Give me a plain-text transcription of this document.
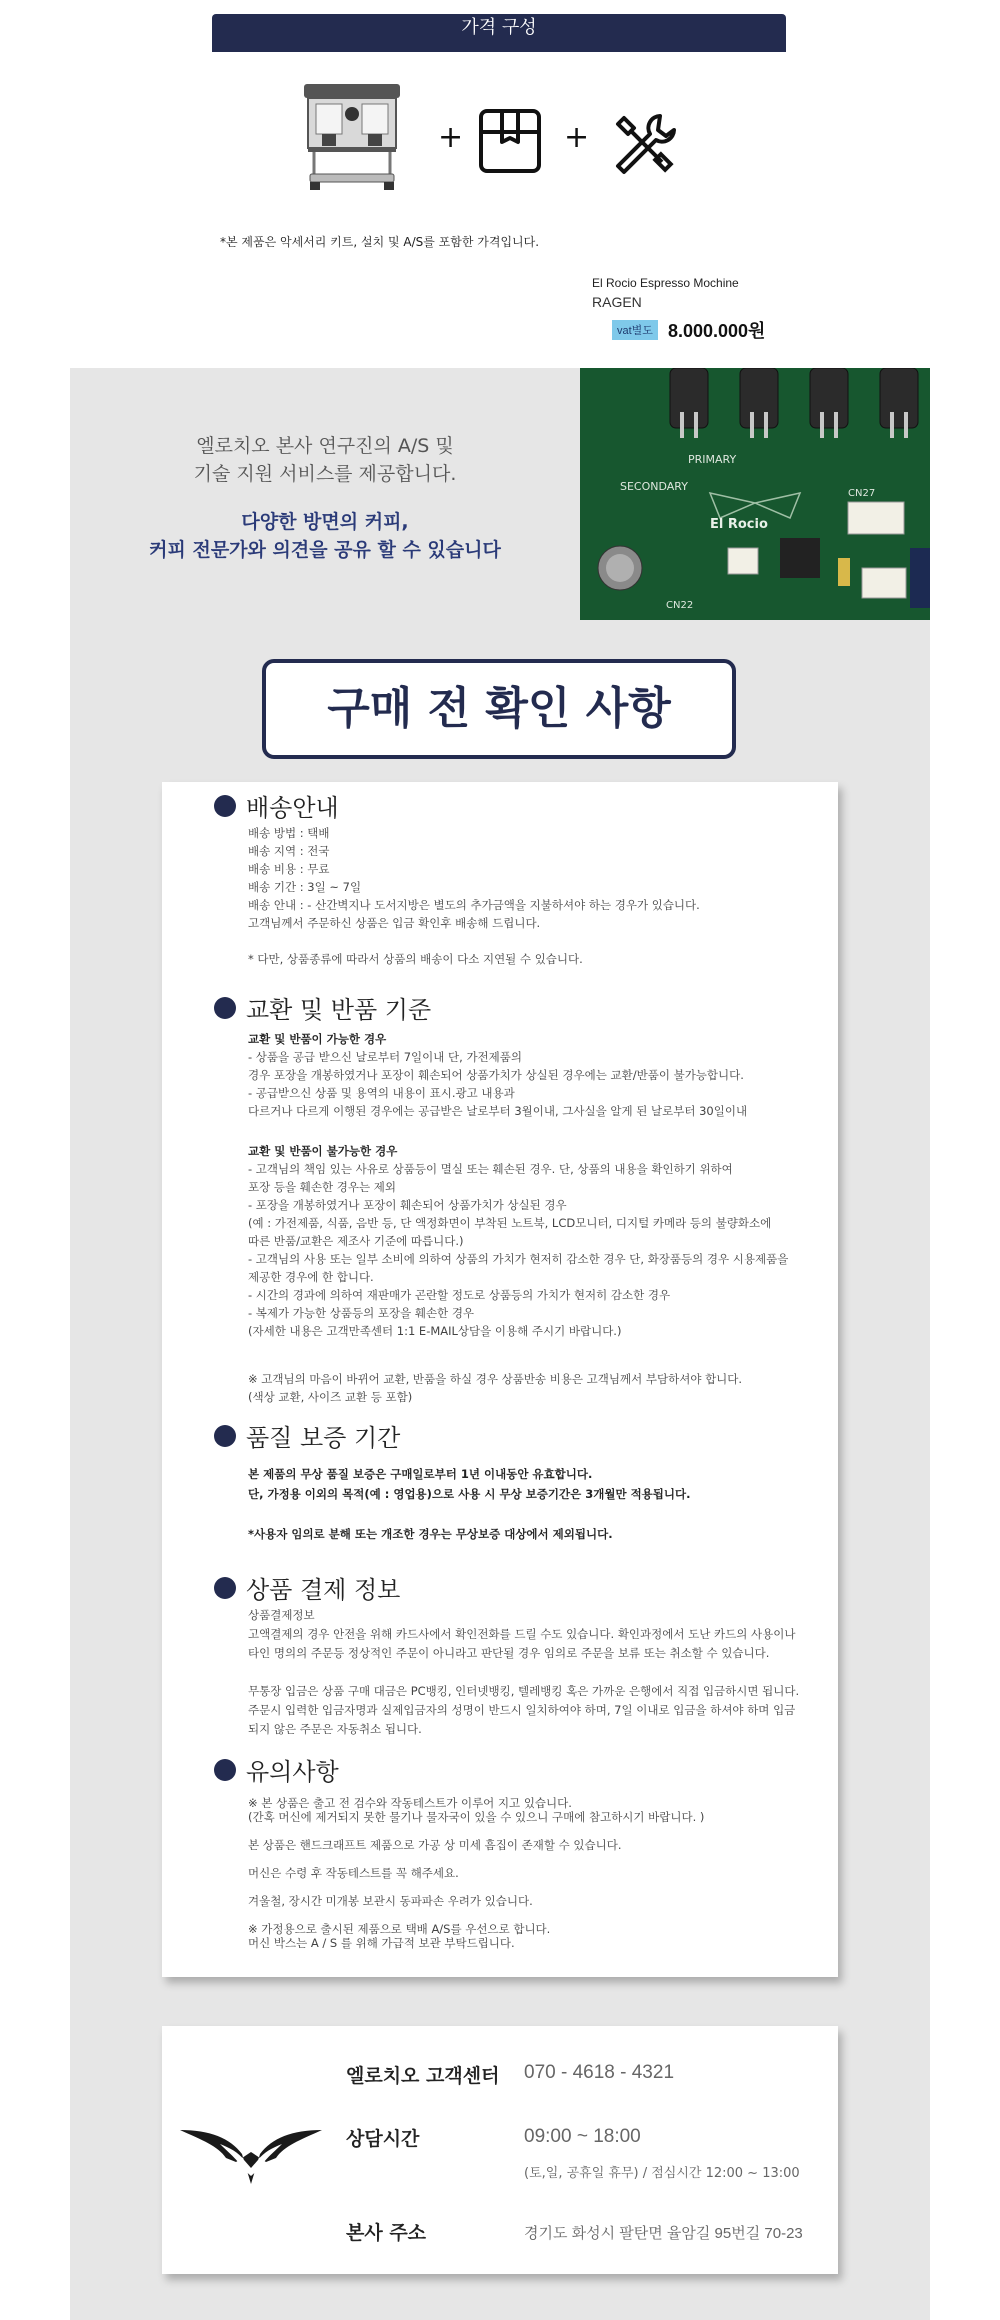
가격 구성
+	+
*본 제품은 악세서리 키트, 설치 및 A/S를 포함한 가격입니다.
El Rocio Espresso Mochine
RAGEN
vat별도 8.000.000원
엘로치오 본사 연구진의 A/S 및
기술 지원 서비스를 제공합니다.
다양한 방면의 커피,
커피 전문가와 의견을 공유 할 수 있습니다
PRIMARY
SECONDARY
El Rocio
CN27
CN22
구매 전 확인 사항
배송안내
배송 방법 : 택배
배송 지역 : 전국
배송 비용 : 무료
배송 기간 : 3일 ~ 7일
배송 안내 : - 산간벽지나 도서지방은 별도의 추가금액을 지불하셔야 하는 경우가 있습니다.
고객님께서 주문하신 상품은 입금 확인후 배송해 드립니다.

* 다만, 상품종류에 따라서 상품의 배송이 다소 지연될 수 있습니다.
교환 및 반품 기준
교환 및 반품이 가능한 경우
- 상품을 공급 받으신 날로부터 7일이내 단, 가전제품의
경우 포장을 개봉하였거나 포장이 훼손되어 상품가치가 상실된 경우에는 교환/반품이 불가능합니다.
- 공급받으신 상품 및 용역의 내용이 표시.광고 내용과
다르거나 다르게 이행된 경우에는 공급받은 날로부터 3월이내, 그사실을 알게 된 날로부터 30일이내
교환 및 반품이 불가능한 경우
- 고객님의 책임 있는 사유로 상품등이 멸실 또는 훼손된 경우. 단, 상품의 내용을 확인하기 위하여
포장 등을 훼손한 경우는 제외
- 포장을 개봉하였거나 포장이 훼손되어 상품가치가 상실된 경우
(예 : 가전제품, 식품, 음반 등, 단 액정화면이 부착된 노트북, LCD모니터, 디지털 카메라 등의 불량화소에
따른 반품/교환은 제조사 기준에 따릅니다.)
- 고객님의 사용 또는 일부 소비에 의하여 상품의 가치가 현저히 감소한 경우 단, 화장품등의 경우 시용제품을
제공한 경우에 한 합니다.
- 시간의 경과에 의하여 재판매가 곤란할 정도로 상품등의 가치가 현저히 감소한 경우
- 복제가 가능한 상품등의 포장을 훼손한 경우
(자세한 내용은 고객만족센터 1:1 E-MAIL상담을 이용해 주시기 바랍니다.)
※ 고객님의 마음이 바뀌어 교환, 반품을 하실 경우 상품반송 비용은 고객님께서 부담하셔야 합니다.
(색상 교환, 사이즈 교환 등 포함)
품질 보증 기간
본 제품의 무상 품질 보증은 구매일로부터 1년 이내동안 유효합니다.
단, 가정용 이외의 목적(예 : 영업용)으로 사용 시 무상 보증기간은 3개월만 적용됩니다.

*사용자 임의로 분해 또는 개조한 경우는 무상보증 대상에서 제외됩니다.
상품 결제 정보
상품결제정보
고액결제의 경우 안전을 위해 카드사에서 확인전화를 드릴 수도 있습니다. 확인과정에서 도난 카드의 사용이나
타인 명의의 주문등 정상적인 주문이 아니라고 판단될 경우 임의로 주문을 보류 또는 취소할 수 있습니다.

무통장 입금은 상품 구매 대금은 PC뱅킹, 인터넷뱅킹, 텔레뱅킹 혹은 가까운 은행에서 직접 입금하시면 됩니다.
주문시 입력한 입금자명과 실제입금자의 성명이 반드시 일치하여야 하며, 7일 이내로 입금을 하셔야 하며 입금
되지 않은 주문은 자동취소 됩니다.
유의사항
※ 본 상품은 출고 전 검수와 작동테스트가 이루어 지고 있습니다.
(간혹 머신에 제거되지 못한 물기나 물자국이 있을 수 있으니 구매에 참고하시기 바랍니다. )

본 상품은 핸드크래프트 제품으로 가공 상 미세 흠집이 존재할 수 있습니다.

머신은 수령 후 작동테스트를 꼭 해주세요.

겨울철, 장시간 미개봉 보관시 동파파손 우려가 있습니다.

※ 가정용으로 출시된 제품으로 택배 A/S를 우선으로 합니다.
머신 박스는 A / S 를 위해 가급적 보관 부탁드립니다.
엘로치오 고객센터 070 - 4618 - 4321
상담시간	09:00 ~ 18:00
(토,일, 공휴일 휴무) / 점심시간 12:00 ~ 13:00
본사 주소	경기도 화성시 팔탄면 율암길 95번길 70-23
